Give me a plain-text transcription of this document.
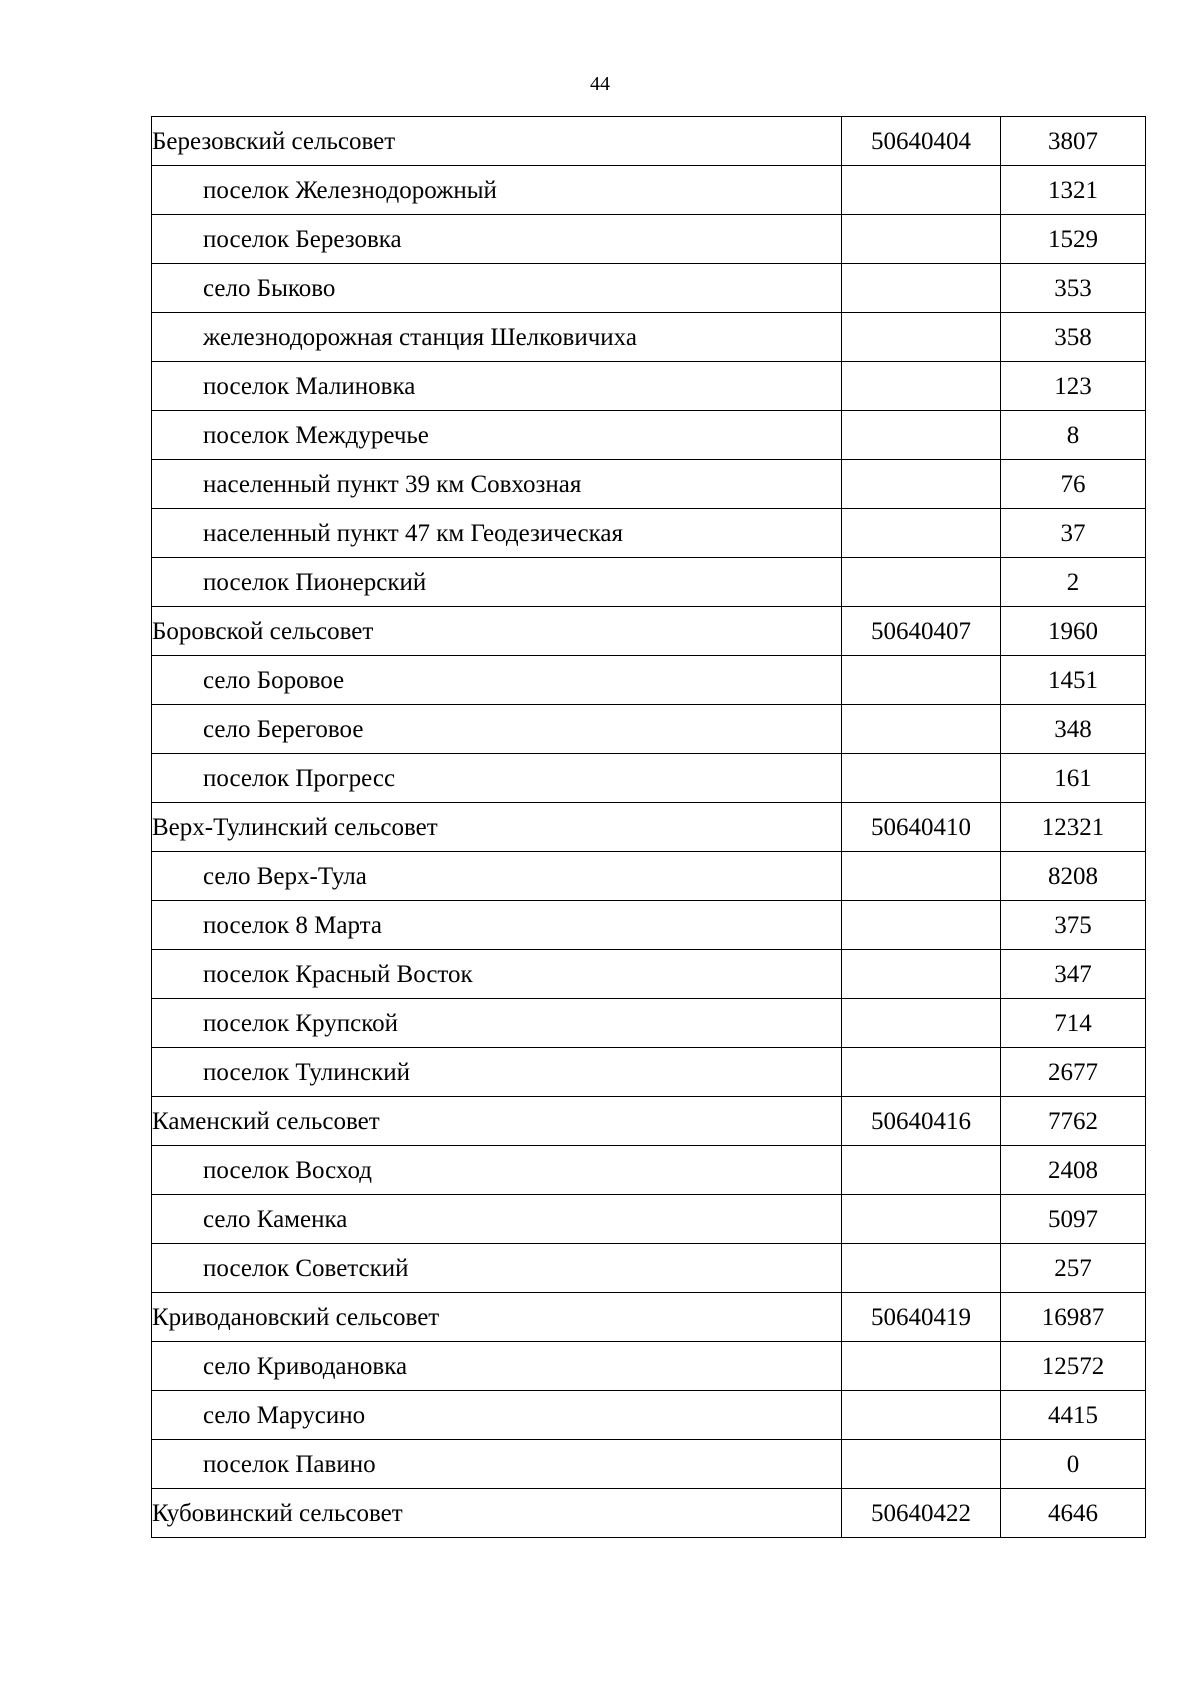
44
Березовский сельсовет	50640404	3807
поселок Железнодорожный		1321
поселок Березовка		1529
село Быково		353
железнодорожная станция Шелковичиха		358
поселок Малиновка		123
поселок Междуречье		8
населенный пункт 39 км Совхозная		76
населенный пункт 47 км Геодезическая		37
поселок Пионерский		2
Боровской сельсовет	50640407	1960
село Боровое		1451
село Береговое		348
поселок Прогресс		161
Верх-Тулинский сельсовет	50640410	12321
село Верх-Тула		8208
поселок 8 Марта		375
поселок Красный Восток		347
поселок Крупской		714
поселок Тулинский		2677
Каменский сельсовет	50640416	7762
поселок Восход		2408
село Каменка		5097
поселок Советский		257
Криводановский сельсовет	50640419	16987
село Криводановка		12572
село Марусино		4415
поселок Павино		0
Кубовинский сельсовет	50640422	4646
